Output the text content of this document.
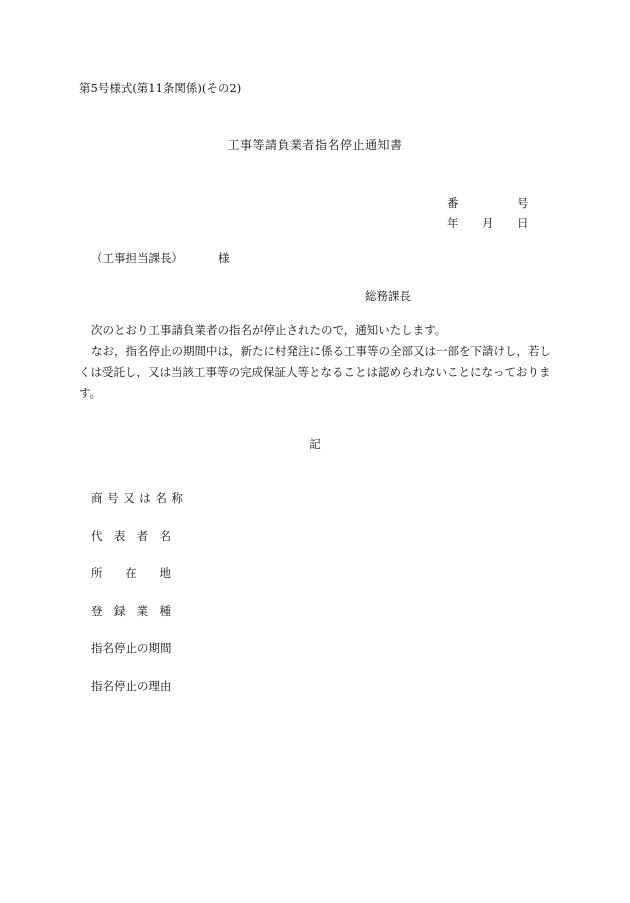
第5号様式(第11条関係)(その2)
工事等請負業者指名停止通知書
番	号
年 月 日
（工事担当課長）	様
総務課長

次のとおり工事請負業者の指名が停止されたので，通知いたします。

なお，指名停止の期間中は，新たに村発注に係る工事等の全部又は一部を下請けし，若しくは受託し，又は当該工事等の完成保証人等となることは認められないことになっております。

記
商号又は名称
代表者名
所在地
登録業種
指名停止の期間
指名停止の理由
